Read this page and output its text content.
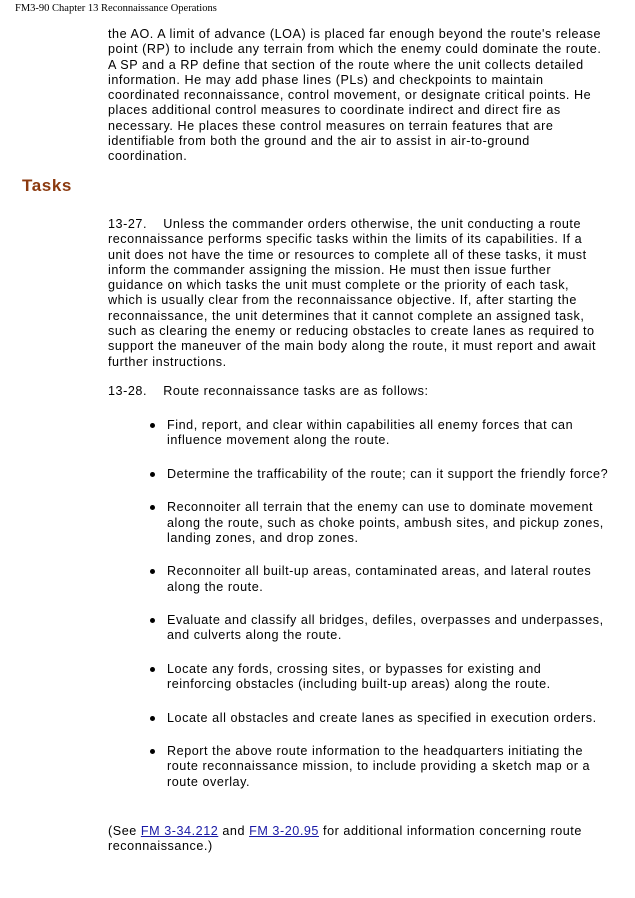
FM3-90 Chapter 13 Reconnaissance Operations

the AO. A limit of advance (LOA) is placed far enough beyond the route's release point (RP) to include any terrain from which the enemy could dominate the route. A SP and a RP define that section of the route where the unit collects detailed information. He may add phase lines (PLs) and checkpoints to maintain coordinated reconnaissance, control movement, or designate critical points. He places additional control measures to coordinate indirect and direct fire as necessary. He places these control measures on terrain features that are identifiable from both the ground and the air to assist in air-to-ground coordination.

Tasks

13-27. Unless the commander orders otherwise, the unit conducting a route reconnaissance performs specific tasks within the limits of its capabilities. If a unit does not have the time or resources to complete all of these tasks, it must inform the commander assigning the mission. He must then issue further guidance on which tasks the unit must complete or the priority of each task, which is usually clear from the reconnaissance objective. If, after starting the reconnaissance, the unit determines that it cannot complete an assigned task, such as clearing the enemy or reducing obstacles to create lanes as required to support the maneuver of the main body along the route, it must report and await further instructions.

13-28. Route reconnaissance tasks are as follows:

Find, report, and clear within capabilities all enemy forces that can influence movement along the route.
Determine the trafficability of the route; can it support the friendly force?
Reconnoiter all terrain that the enemy can use to dominate movement along the route, such as choke points, ambush sites, and pickup zones, landing zones, and drop zones.
Reconnoiter all built-up areas, contaminated areas, and lateral routes along the route.
Evaluate and classify all bridges, defiles, overpasses and underpasses, and culverts along the route.
Locate any fords, crossing sites, or bypasses for existing and reinforcing obstacles (including built-up areas) along the route.
Locate all obstacles and create lanes as specified in execution orders.
Report the above route information to the headquarters initiating the route reconnaissance mission, to include providing a sketch map or a route overlay.

(See FM 3-34.212 and FM 3-20.95 for additional information concerning route reconnaissance.)
